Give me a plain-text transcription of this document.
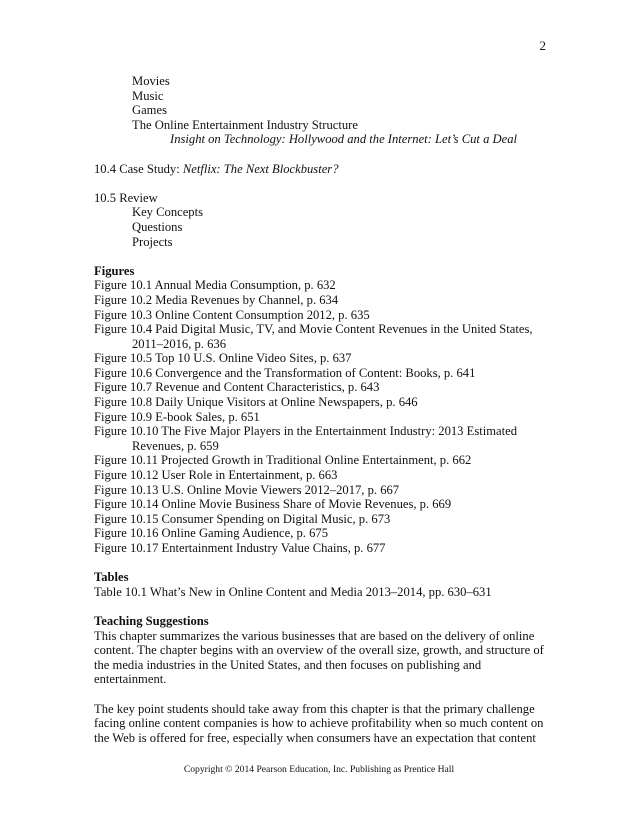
2
Movies
Music
Games
The Online Entertainment Industry Structure
Insight on Technology: Hollywood and the Internet: Let’s Cut a Deal
10.4 Case Study: Netflix: The Next Blockbuster?
10.5 Review
Key Concepts
Questions
Projects
Figures
Figure 10.1 Annual Media Consumption, p. 632
Figure 10.2 Media Revenues by Channel, p. 634
Figure 10.3 Online Content Consumption 2012, p. 635
Figure 10.4 Paid Digital Music, TV, and Movie Content Revenues in the United States, 2011–2016, p. 636
Figure 10.5 Top 10 U.S. Online Video Sites, p. 637
Figure 10.6 Convergence and the Transformation of Content: Books, p. 641
Figure 10.7 Revenue and Content Characteristics, p. 643
Figure 10.8 Daily Unique Visitors at Online Newspapers, p. 646
Figure 10.9 E-book Sales, p. 651
Figure 10.10 The Five Major Players in the Entertainment Industry: 2013 Estimated Revenues, p. 659
Figure 10.11 Projected Growth in Traditional Online Entertainment, p. 662
Figure 10.12 User Role in Entertainment, p. 663
Figure 10.13 U.S. Online Movie Viewers 2012–2017, p. 667
Figure 10.14 Online Movie Business Share of Movie Revenues, p. 669
Figure 10.15 Consumer Spending on Digital Music, p. 673
Figure 10.16 Online Gaming Audience, p. 675
Figure 10.17 Entertainment Industry Value Chains, p. 677
Tables
Table 10.1 What’s New in Online Content and Media 2013–2014, pp. 630–631
Teaching Suggestions
This chapter summarizes the various businesses that are based on the delivery of online content. The chapter begins with an overview of the overall size, growth, and structure of the media industries in the United States, and then focuses on publishing and entertainment.
The key point students should take away from this chapter is that the primary challenge facing online content companies is how to achieve profitability when so much content on the Web is offered for free, especially when consumers have an expectation that content
Copyright © 2014 Pearson Education, Inc. Publishing as Prentice Hall
